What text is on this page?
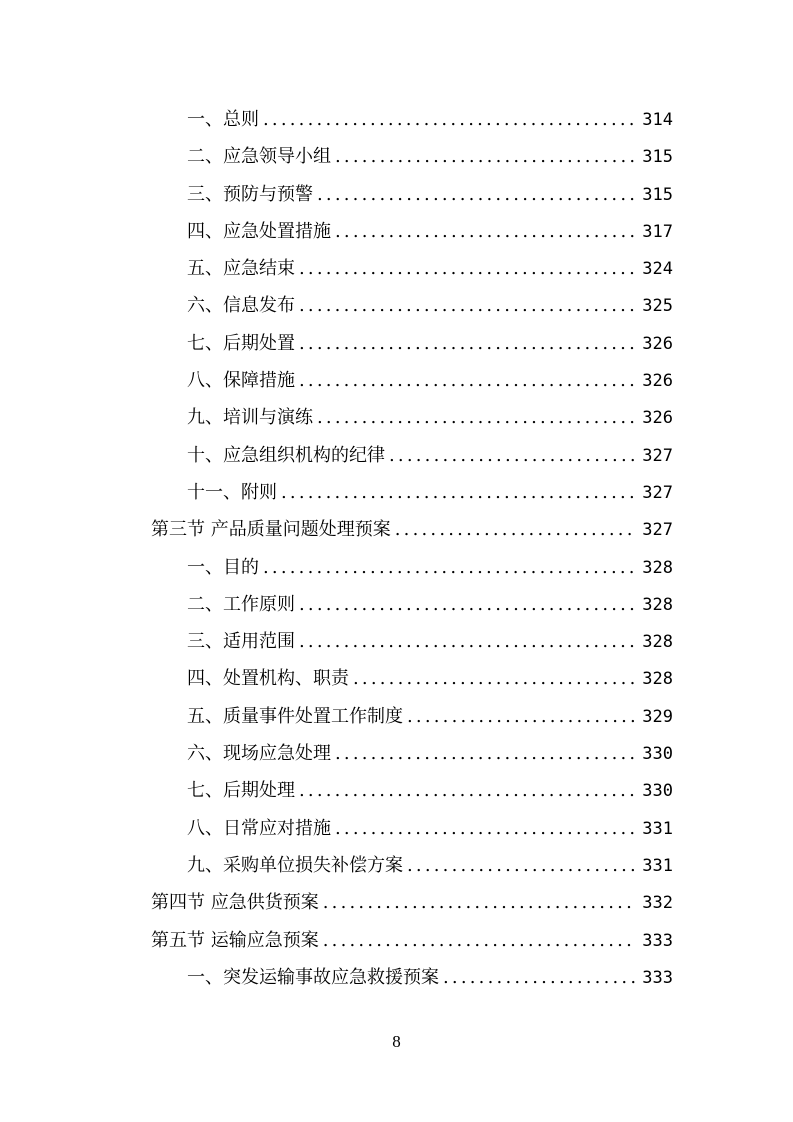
一、总则 .....	314
二、应急领导小组 .....	315
三、预防与预警 .....	315
四、应急处置措施 .....	317
五、应急结束 .....	324
六、信息发布 .....	325
七、后期处置 .....	326
八、保障措施 .....	326
九、培训与演练 .....	326
十、应急组织机构的纪律 .....	327
十一、附则 .....	327
第三节 产品质量问题处理预案 .....	327
一、目的 .....	328
二、工作原则 .....	328
三、适用范围 .....	328
四、处置机构、职责 .....	328
五、质量事件处置工作制度 .....	329
六、现场应急处理 .....	330
七、后期处理 .....	330
八、日常应对措施 .....	331
九、采购单位损失补偿方案 .....	331
第四节 应急供货预案 .....	332
第五节 运输应急预案 .....	333
一、突发运输事故应急救援预案 .....	333
8
